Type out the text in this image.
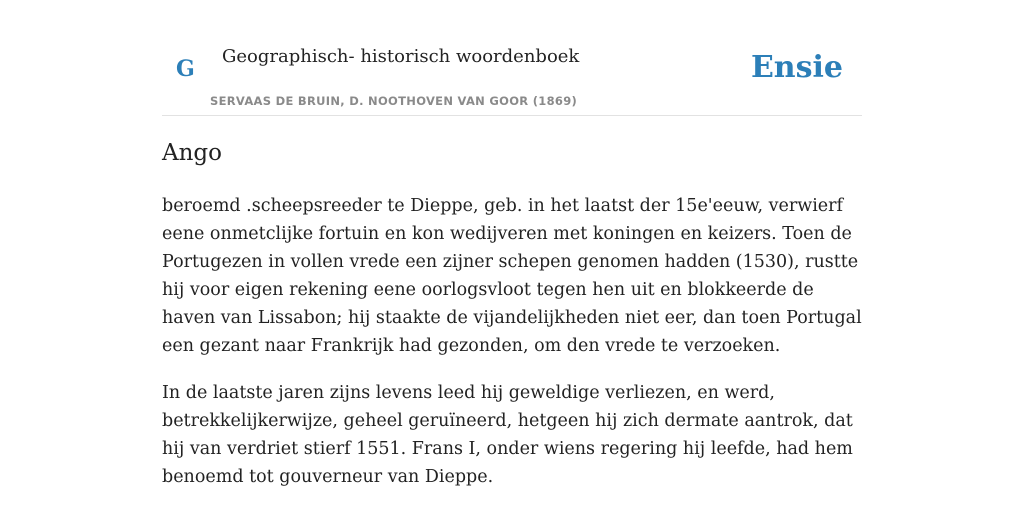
G Geographisch- historisch woordenboek
SERVAAS DE BRUIN, D. NOOTHOVEN VAN GOOR (1869)
Ensie
Ango

beroemd .scheepsreeder te Dieppe, geb. in het laatst der 15e'eeuw, verwierf eene onmetclijke fortuin en kon wedijveren met koningen en keizers. Toen de Portugezen in vollen vrede een zijner schepen genomen hadden (1530), rustte hij voor eigen rekening eene oorlogsvloot tegen hen uit en blokkeerde de haven van Lissabon; hij staakte de vijandelijkheden niet eer, dan toen Portugal een gezant naar Frankrijk had gezonden, om den vrede te verzoeken.

In de laatste jaren zijns levens leed hij geweldige verliezen, en werd, betrekkelijkerwijze, geheel geruïneerd, hetgeen hij zich dermate aantrok, dat hij van verdriet stierf 1551. Frans I, onder wiens regering hij leefde, had hem benoemd tot gouverneur van Dieppe.
